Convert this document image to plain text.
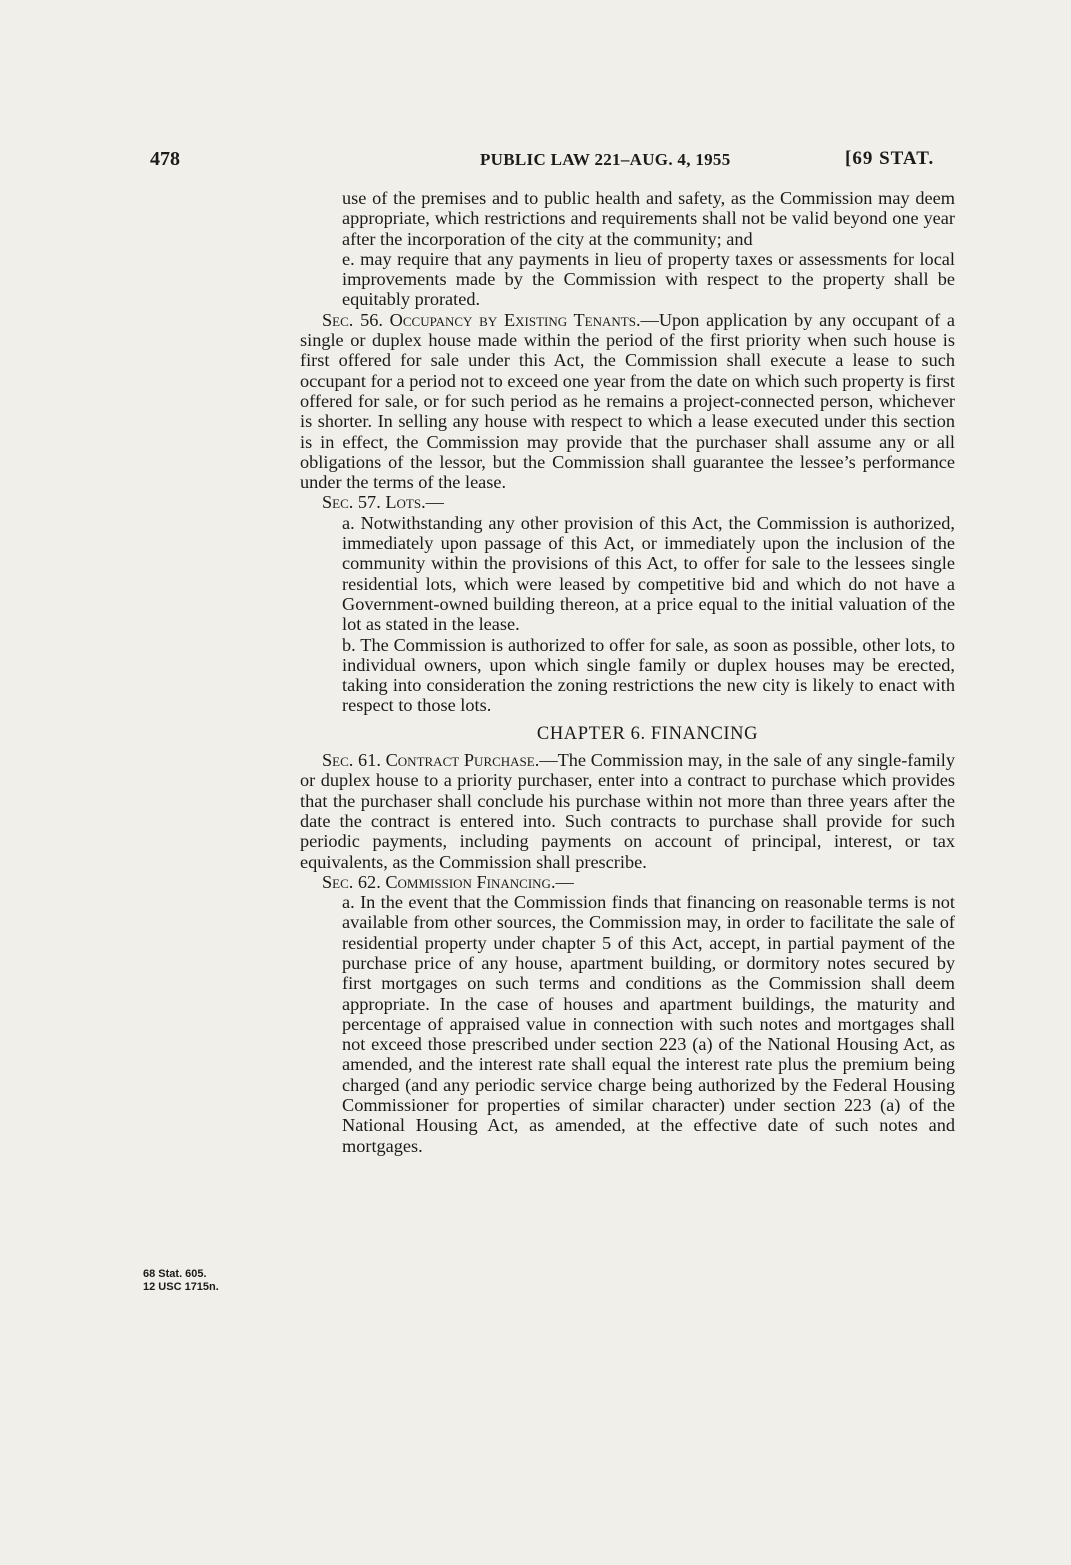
478	PUBLIC LAW 221–AUG. 4, 1955	[69 STAT.
68 Stat. 605.
12 USC 1715n.

use of the premises and to public health and safety, as the Commission may deem appropriate, which restrictions and requirements shall not be valid beyond one year after the incorporation of the city at the community; and

e. may require that any payments in lieu of property taxes or assessments for local improvements made by the Commission with respect to the property shall be equitably prorated.

Sec. 56. Occupancy by Existing Tenants.—Upon application by any occupant of a single or duplex house made within the period of the first priority when such house is first offered for sale under this Act, the Commission shall execute a lease to such occupant for a period not to exceed one year from the date on which such property is first offered for sale, or for such period as he remains a project-connected person, whichever is shorter. In selling any house with respect to which a lease executed under this section is in effect, the Commission may provide that the purchaser shall assume any or all obligations of the lessor, but the Commission shall guarantee the lessee’s performance under the terms of the lease.

Sec. 57. Lots.—

a. Notwithstanding any other provision of this Act, the Commission is authorized, immediately upon passage of this Act, or immediately upon the inclusion of the community within the provisions of this Act, to offer for sale to the lessees single residential lots, which were leased by competitive bid and which do not have a Government-owned building thereon, at a price equal to the initial valuation of the lot as stated in the lease.

b. The Commission is authorized to offer for sale, as soon as possible, other lots, to individual owners, upon which single family or duplex houses may be erected, taking into consideration the zoning restrictions the new city is likely to enact with respect to those lots.

CHAPTER 6. FINANCING

Sec. 61. Contract Purchase.—The Commission may, in the sale of any single-family or duplex house to a priority purchaser, enter into a contract to purchase which provides that the purchaser shall conclude his purchase within not more than three years after the date the contract is entered into. Such contracts to purchase shall provide for such periodic payments, including payments on account of principal, interest, or tax equivalents, as the Commission shall prescribe.

Sec. 62. Commission Financing.—

a. In the event that the Commission finds that financing on reasonable terms is not available from other sources, the Commission may, in order to facilitate the sale of residential property under chapter 5 of this Act, accept, in partial payment of the purchase price of any house, apartment building, or dormitory notes secured by first mortgages on such terms and conditions as the Commission shall deem appropriate. In the case of houses and apartment buildings, the maturity and percentage of appraised value in connection with such notes and mortgages shall not exceed those prescribed under section 223 (a) of the National Housing Act, as amended, and the interest rate shall equal the interest rate plus the premium being charged (and any periodic service charge being authorized by the Federal Housing Commissioner for properties of similar character) under section 223 (a) of the National Housing Act, as amended, at the effective date of such notes and mortgages.
